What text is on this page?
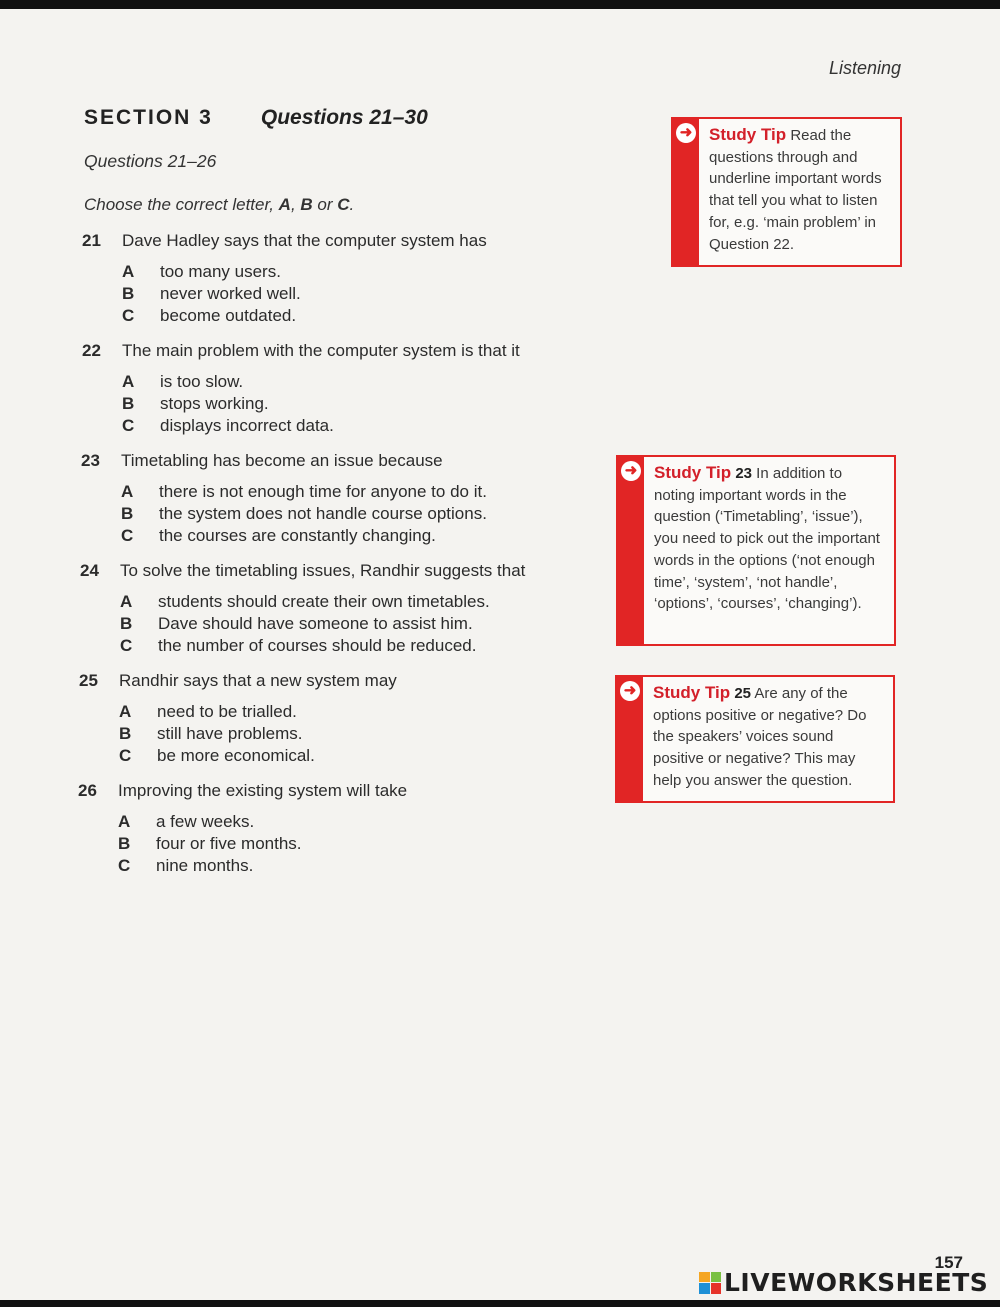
Listening
SECTION 3 Questions 21–30
Questions 21–26
Choose the correct letter, A, B or C.
21	Dave Hadley says that the computer system has
A	too many users.
B	never worked well.
C	become outdated.
22	The main problem with the computer system is that it
A	is too slow.
B	stops working.
C	displays incorrect data.
23	Timetabling has become an issue because
A	there is not enough time for anyone to do it.
B	the system does not handle course options.
C	the courses are constantly changing.
24	To solve the timetabling issues, Randhir suggests that
A	students should create their own timetables.
B	Dave should have someone to assist him.
C	the number of courses should be reduced.
25	Randhir says that a new system may
A	need to be trialled.
B	still have problems.
C	be more economical.
26	Improving the existing system will take
A	a few weeks.
B	four or five months.
C	nine months.
➜ Study Tip Read the questions through and underline important words that tell you what to listen for, e.g. ‘main problem’ in Question 22.
➜ Study Tip 23 In addition to noting important words in the question (‘Timetabling’, ‘issue’), you need to pick out the important words in the options (‘not enough time’, ‘system’, ‘not handle’, ‘options’, ‘courses’, ‘changing’).
➜ Study Tip 25 Are any of the options positive or negative? Do the speakers’ voices sound positive or negative? This may help you answer the question.
157
LIVEWORKSHEETS
